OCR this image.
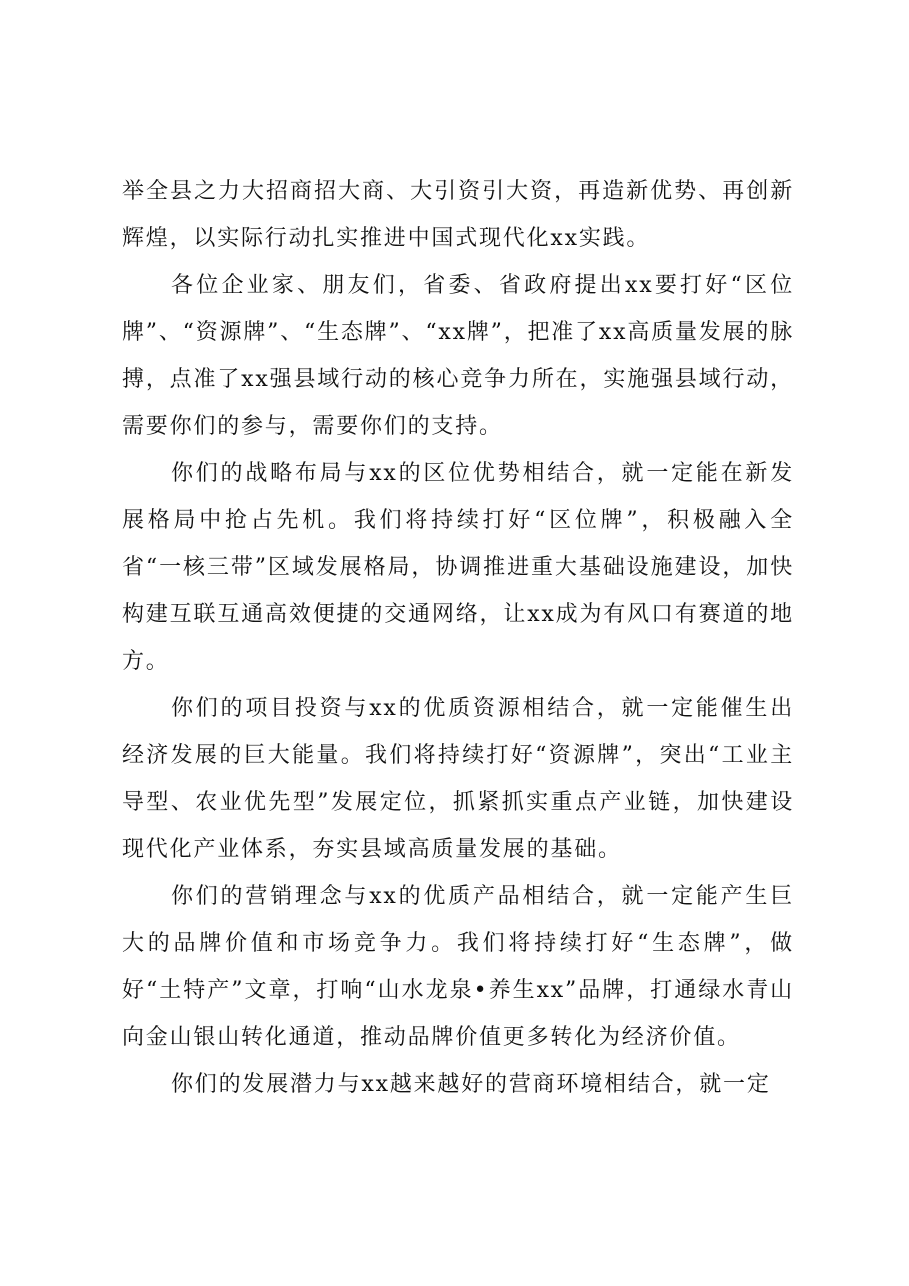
举全县之力大招商招大商、大引资引大资，再造新优势、再创新辉煌，以实际行动扎实推进中国式现代化xx实践。

各位企业家、朋友们，省委、省政府提出xx要打好“区位牌”、“资源牌”、“生态牌”、“xx牌”，把准了xx高质量发展的脉搏，点准了xx强县域行动的核心竞争力所在，实施强县域行动，需要你们的参与，需要你们的支持。

你们的战略布局与xx的区位优势相结合，就一定能在新发展格局中抢占先机。我们将持续打好“区位牌”，积极融入全省“一核三带”区域发展格局，协调推进重大基础设施建设，加快构建互联互通高效便捷的交通网络，让xx成为有风口有赛道的地方。

你们的项目投资与xx的优质资源相结合，就一定能催生出经济发展的巨大能量。我们将持续打好“资源牌”，突出“工业主导型、农业优先型”发展定位，抓紧抓实重点产业链，加快建设现代化产业体系，夯实县域高质量发展的基础。

你们的营销理念与xx的优质产品相结合，就一定能产生巨大的品牌价值和市场竞争力。我们将持续打好“生态牌”，做好“土特产”文章，打响“山水龙泉•养生xx”品牌，打通绿水青山向金山银山转化通道，推动品牌价值更多转化为经济价值。

你们的发展潜力与xx越来越好的营商环境相结合，就一定
